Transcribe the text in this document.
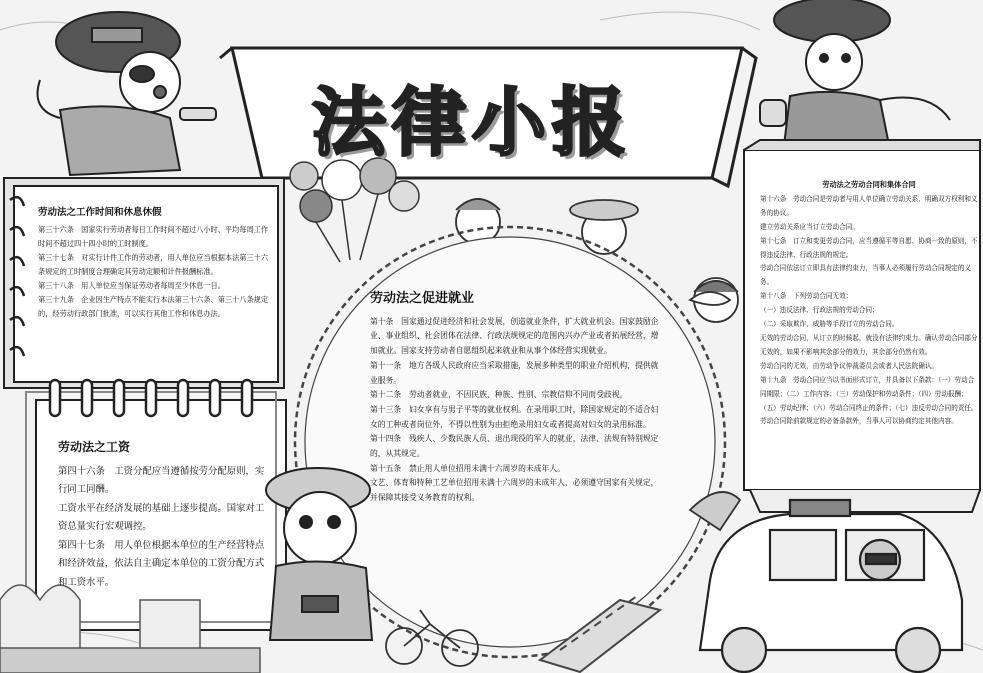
法律小报
劳动法之工作时间和休息休假

第三十六条　国家实行劳动者每日工作时间不超过八小时、平均每周工作时间不超过四十四小时的工时制度。

第三十七条　对实行计件工作的劳动者，用人单位应当根据本法第三十六条规定的工时制度合理确定其劳动定额和计件报酬标准。

第三十八条　用人单位应当保证劳动者每周至少休息一日。

第三十九条　企业因生产特点不能实行本法第三十六条、第三十八条规定的，经劳动行政部门批准，可以实行其他工作和休息办法。

劳动法之工资

第四十六条　工资分配应当遵循按劳分配原则，实行同工同酬。

工资水平在经济发展的基础上逐步提高。国家对工资总量实行宏观调控。

第四十七条　用人单位根据本单位的生产经营特点和经济效益，依法自主确定本单位的工资分配方式和工资水平。

劳动法之促进就业

第十条　国家通过促进经济和社会发展，创造就业条件，扩大就业机会。国家鼓励企业、事业组织、社会团体在法律、行政法规规定的范围内兴办产业或者拓展经营，增加就业。国家支持劳动者自愿组织起来就业和从事个体经营实现就业。

第十一条　地方各级人民政府应当采取措施，发展多种类型的职业介绍机构，提供就业服务。

第十二条　劳动者就业，不因民族、种族、性别、宗教信仰不同而受歧视。

第十三条　妇女享有与男子平等的就业权利。在录用职工时，除国家规定的不适合妇女的工种或者岗位外，不得以性别为由拒绝录用妇女或者提高对妇女的录用标准。

第十四条　残疾人、少数民族人员、退出现役的军人的就业，法律、法规有特别规定的，从其规定。

第十五条　禁止用人单位招用未满十六周岁的未成年人。

文艺、体育和特种工艺单位招用未满十六周岁的未成年人，必须遵守国家有关规定，并保障其接受义务教育的权利。

劳动法之劳动合同和集体合同

第十六条　劳动合同是劳动者与用人单位确立劳动关系、明确双方权利和义务的协议。

建立劳动关系应当订立劳动合同。

第十七条　订立和变更劳动合同，应当遵循平等自愿、协商一致的原则，不得违反法律、行政法规的规定。

劳动合同依法订立即具有法律约束力，当事人必须履行劳动合同规定的义务。

第十八条　下列劳动合同无效：

（一）违反法律、行政法规的劳动合同；

（二）采取欺诈、威胁等手段订立的劳动合同。

无效的劳动合同，从订立的时候起，就没有法律约束力。确认劳动合同部分无效的，如果不影响其余部分的效力，其余部分仍然有效。

劳动合同的无效，由劳动争议仲裁委员会或者人民法院确认。

第十九条　劳动合同应当以书面形式订立，并具备以下条款：（一）劳动合同期限；（二）工作内容；（三）劳动保护和劳动条件；（四）劳动报酬；（五）劳动纪律；（六）劳动合同终止的条件；（七）违反劳动合同的责任。劳动合同除前款规定的必备条款外，当事人可以协商约定其他内容。
